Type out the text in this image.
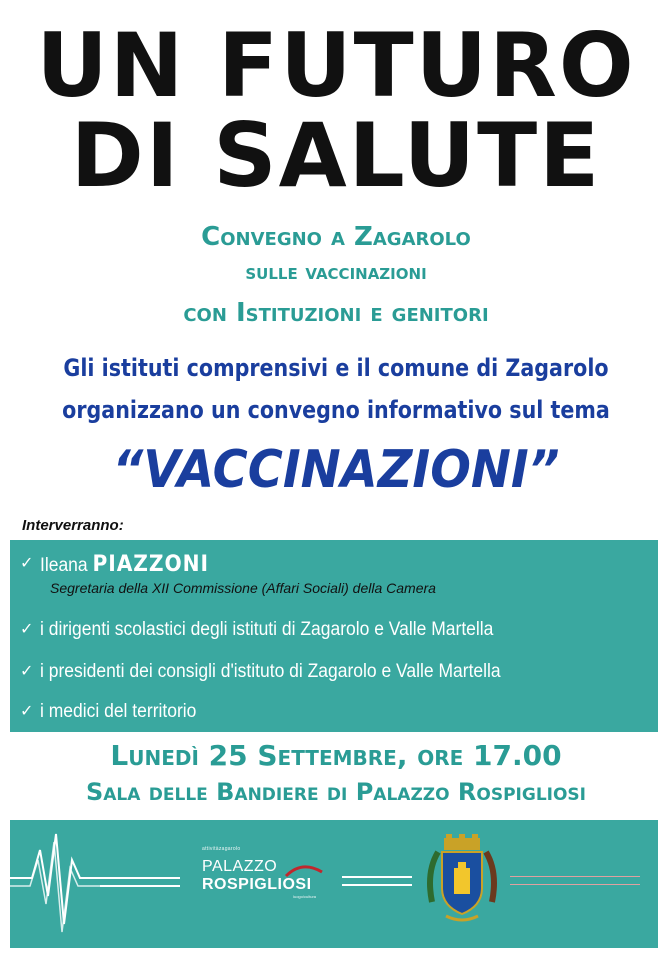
UN FUTURO
DI SALUTE
Convegno a Zagarolo
sulle vaccinazioni
con Istituzioni e genitori
Gli istituti comprensivi e il comune di Zagarolo
organizzano un convegno informativo sul tema
“VACCINAZIONI”
Interverranno:
✓ Ileana PIAZZONI
Segretaria della XII Commissione (Affari Sociali) della Camera
✓ i dirigenti scolastici degli istituti di Zagarolo e Valle Martella
✓ i presidenti dei consigli d'istituto di Zagarolo e Valle Martella
✓ i medici del territorio
Lunedì 25 Settembre, ore 17.00
Sala delle Bandiere di Palazzo Rospigliosi
attivitàzagarolo
PALAZZO
ROSPIGLIOSI
luogo/cultura
